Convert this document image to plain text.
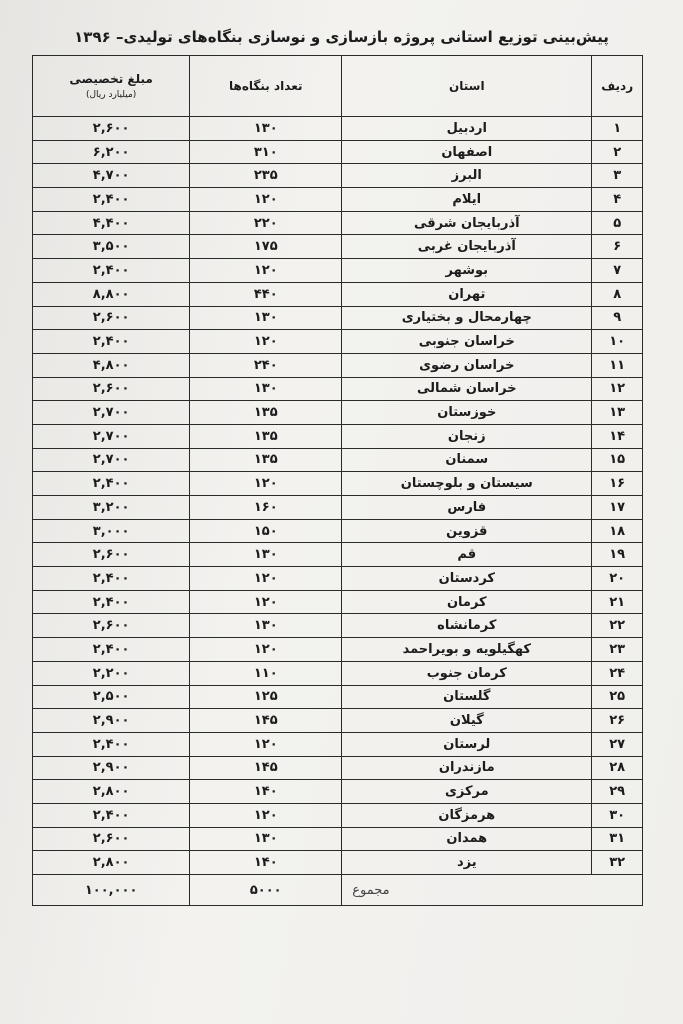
پیش‌بینی توزیع استانی پروژه بازسازی و نوسازی بنگاه‌های تولیدی– ۱۳۹۶
ردیف	استان	تعداد بنگاه‌ها	مبلغ تخصیصی
(میلیارد ریال)

۱	اردبیل	۱۳۰	۲,۶۰۰
۲	اصفهان	۳۱۰	۶,۲۰۰
۳	البرز	۲۳۵	۴,۷۰۰
۴	ایلام	۱۲۰	۲,۴۰۰
۵	آذربایجان شرقی	۲۲۰	۴,۴۰۰
۶	آذربایجان غربی	۱۷۵	۳,۵۰۰
۷	بوشهر	۱۲۰	۲,۴۰۰
۸	تهران	۴۴۰	۸,۸۰۰
۹	چهارمحال و بختیاری	۱۳۰	۲,۶۰۰
۱۰	خراسان جنوبی	۱۲۰	۲,۴۰۰
۱۱	خراسان رضوی	۲۴۰	۴,۸۰۰
۱۲	خراسان شمالی	۱۳۰	۲,۶۰۰
۱۳	خوزستان	۱۳۵	۲,۷۰۰
۱۴	زنجان	۱۳۵	۲,۷۰۰
۱۵	سمنان	۱۳۵	۲,۷۰۰
۱۶	سیستان و بلوچستان	۱۲۰	۲,۴۰۰
۱۷	فارس	۱۶۰	۳,۲۰۰
۱۸	قزوین	۱۵۰	۳,۰۰۰
۱۹	قم	۱۳۰	۲,۶۰۰
۲۰	کردستان	۱۲۰	۲,۴۰۰
۲۱	کرمان	۱۲۰	۲,۴۰۰
۲۲	کرمانشاه	۱۳۰	۲,۶۰۰
۲۳	کهگیلویه و بویراحمد	۱۲۰	۲,۴۰۰
۲۴	کرمان جنوب	۱۱۰	۲,۲۰۰
۲۵	گلستان	۱۲۵	۲,۵۰۰
۲۶	گیلان	۱۴۵	۲,۹۰۰
۲۷	لرستان	۱۲۰	۲,۴۰۰
۲۸	مازندران	۱۴۵	۲,۹۰۰
۲۹	مرکزی	۱۴۰	۲,۸۰۰
۳۰	هرمزگان	۱۲۰	۲,۴۰۰
۳۱	همدان	۱۳۰	۲,۶۰۰
۳۲	یزد	۱۴۰	۲,۸۰۰
مجموع		۵۰۰۰	۱۰۰,۰۰۰
